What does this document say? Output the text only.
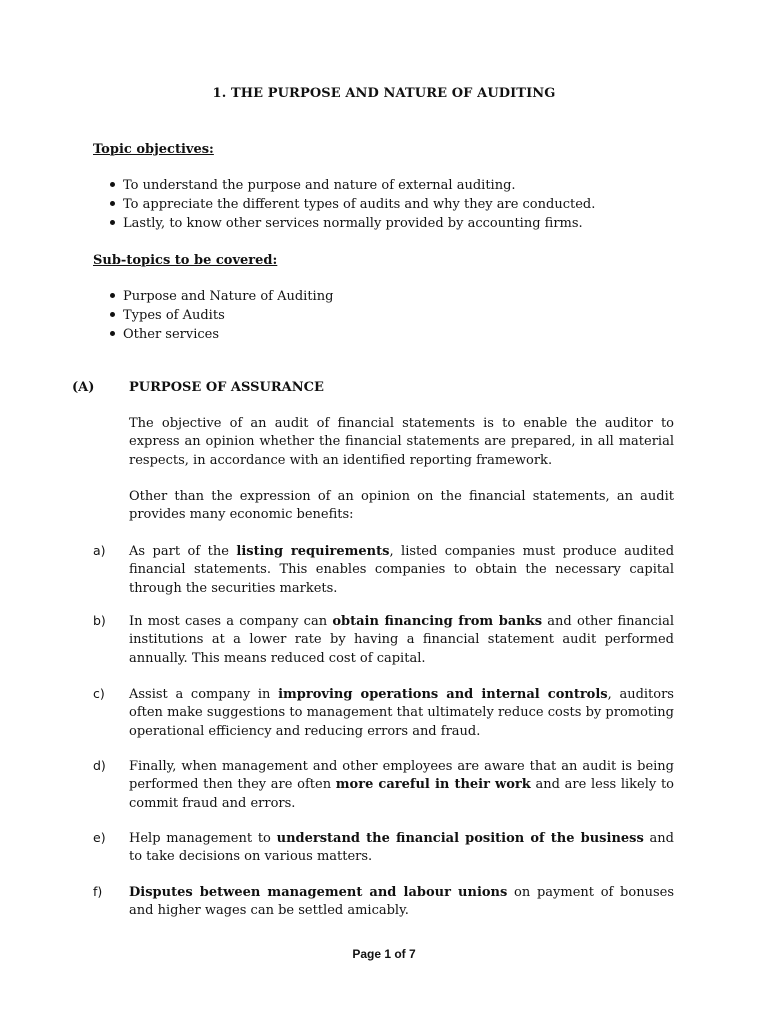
1. THE PURPOSE AND NATURE OF AUDITING
Topic objectives:
To understand the purpose and nature of external auditing.
To appreciate the different types of audits and why they are conducted.
Lastly, to know other services normally provided by accounting firms.
Sub-topics to be covered:
Purpose and Nature of Auditing
Types of Audits
Other services
(A)	PURPOSE OF ASSURANCE

The objective of an audit of financial statements is to enable the auditor to express an opinion whether the financial statements are prepared, in all material respects, in accordance with an identified reporting framework.

Other than the expression of an opinion on the financial statements, an audit provides many economic benefits:

a) As part of the listing requirements, listed companies must produce audited financial statements. This enables companies to obtain the necessary capital through the securities markets.

b) In most cases a company can obtain financing from banks and other financial institutions at a lower rate by having a financial statement audit performed annually. This means reduced cost of capital.

c) Assist a company in improving operations and internal controls, auditors often make suggestions to management that ultimately reduce costs by promoting operational efficiency and reducing errors and fraud.

d) Finally, when management and other employees are aware that an audit is being performed then they are often more careful in their work and are less likely to commit fraud and errors.

e) Help management to understand the financial position of the business and to take decisions on various matters.

f) Disputes between management and labour unions on payment of bonuses and higher wages can be settled amicably.

Page 1 of 7
